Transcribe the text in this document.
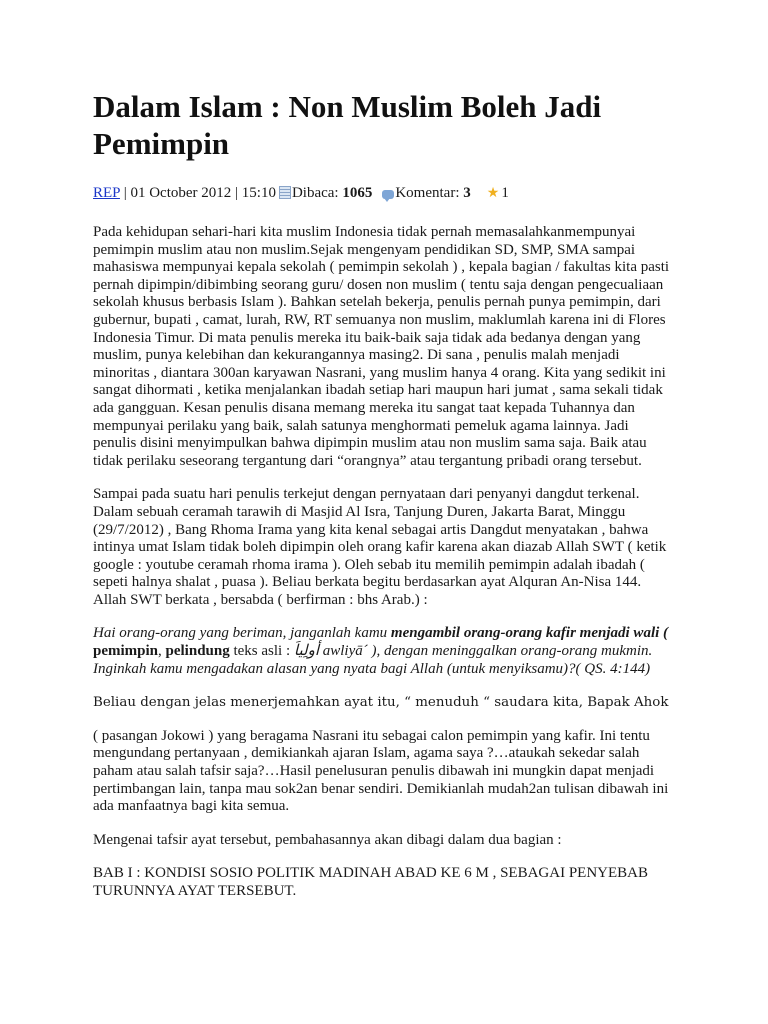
Dalam Islam : Non Muslim Boleh Jadi Pemimpin
REP | 01 October 2012 | 15:10 Dibaca: 1065 Komentar: 3 ★ 1

Pada kehidupan sehari-hari kita muslim Indonesia tidak pernah memasalahkanmempunyai pemimpin muslim atau non muslim.Sejak mengenyam pendidikan SD, SMP, SMA sampai mahasiswa mempunyai kepala sekolah ( pemimpin sekolah ) , kepala bagian / fakultas kita pasti pernah dipimpin/dibimbing seorang guru/ dosen non muslim ( tentu saja dengan pengecualiaan sekolah khusus berbasis Islam ). Bahkan setelah bekerja, penulis pernah punya pemimpin, dari gubernur, bupati , camat, lurah, RW, RT semuanya non muslim, maklumlah karena ini di Flores Indonesia Timur. Di mata penulis mereka itu baik-baik saja tidak ada bedanya dengan yang muslim, punya kelebihan dan kekurangannya masing2. Di sana , penulis malah menjadi minoritas , diantara 300an karyawan Nasrani, yang muslim hanya 4 orang. Kita yang sedikit ini sangat dihormati , ketika menjalankan ibadah setiap hari maupun hari jumat , sama sekali tidak ada gangguan. Kesan penulis disana memang mereka itu sangat taat kepada Tuhannya dan mempunyai perilaku yang baik, salah satunya menghormati pemeluk agama lainnya. Jadi penulis disini menyimpulkan bahwa dipimpin muslim atau non muslim sama saja. Baik atau tidak perilaku seseorang tergantung dari “orangnya” atau tergantung pribadi orang tersebut.

Sampai pada suatu hari penulis terkejut dengan pernyataan dari penyanyi dangdut terkenal. Dalam sebuah ceramah tarawih di Masjid Al Isra, Tanjung Duren, Jakarta Barat, Minggu (29/7/2012) , Bang Rhoma Irama yang kita kenal sebagai artis Dangdut menyatakan , bahwa intinya umat Islam tidak boleh dipimpin oleh orang kafir karena akan diazab Allah SWT ( ketik google : youtube ceramah rhoma irama ). Oleh sebab itu memilih pemimpin adalah ibadah ( sepeti halnya shalat , puasa ). Beliau berkata begitu berdasarkan ayat Alquran An-Nisa 144. Allah SWT berkata , bersabda ( berfirman : bhs Arab.) :

Hai orang-orang yang beriman, janganlah kamu mengambil orang-orang kafir menjadi wali ( pemimpin, pelindung teks asli : أولِياَ awliyā´ ), dengan meninggalkan orang-orang mukmin. Inginkah kamu mengadakan alasan yang nyata bagi Allah (untuk menyiksamu)?( QS. 4:144)

Beliau dengan jelas menerjemahkan ayat itu, “ menuduh “ saudara kita, Bapak Ahok

( pasangan Jokowi ) yang beragama Nasrani itu sebagai calon pemimpin yang kafir. Ini tentu mengundang pertanyaan , demikiankah ajaran Islam, agama saya ?…ataukah sekedar salah paham atau salah tafsir saja?…Hasil penelusuran penulis dibawah ini mungkin dapat menjadi pertimbangan lain, tanpa mau sok2an benar sendiri. Demikianlah mudah2an tulisan dibawah ini ada manfaatnya bagi kita semua.

Mengenai tafsir ayat tersebut, pembahasannya akan dibagi dalam dua bagian :

BAB I : KONDISI SOSIO POLITIK MADINAH ABAD KE 6 M , SEBAGAI PENYEBAB TURUNNYA AYAT TERSEBUT.
